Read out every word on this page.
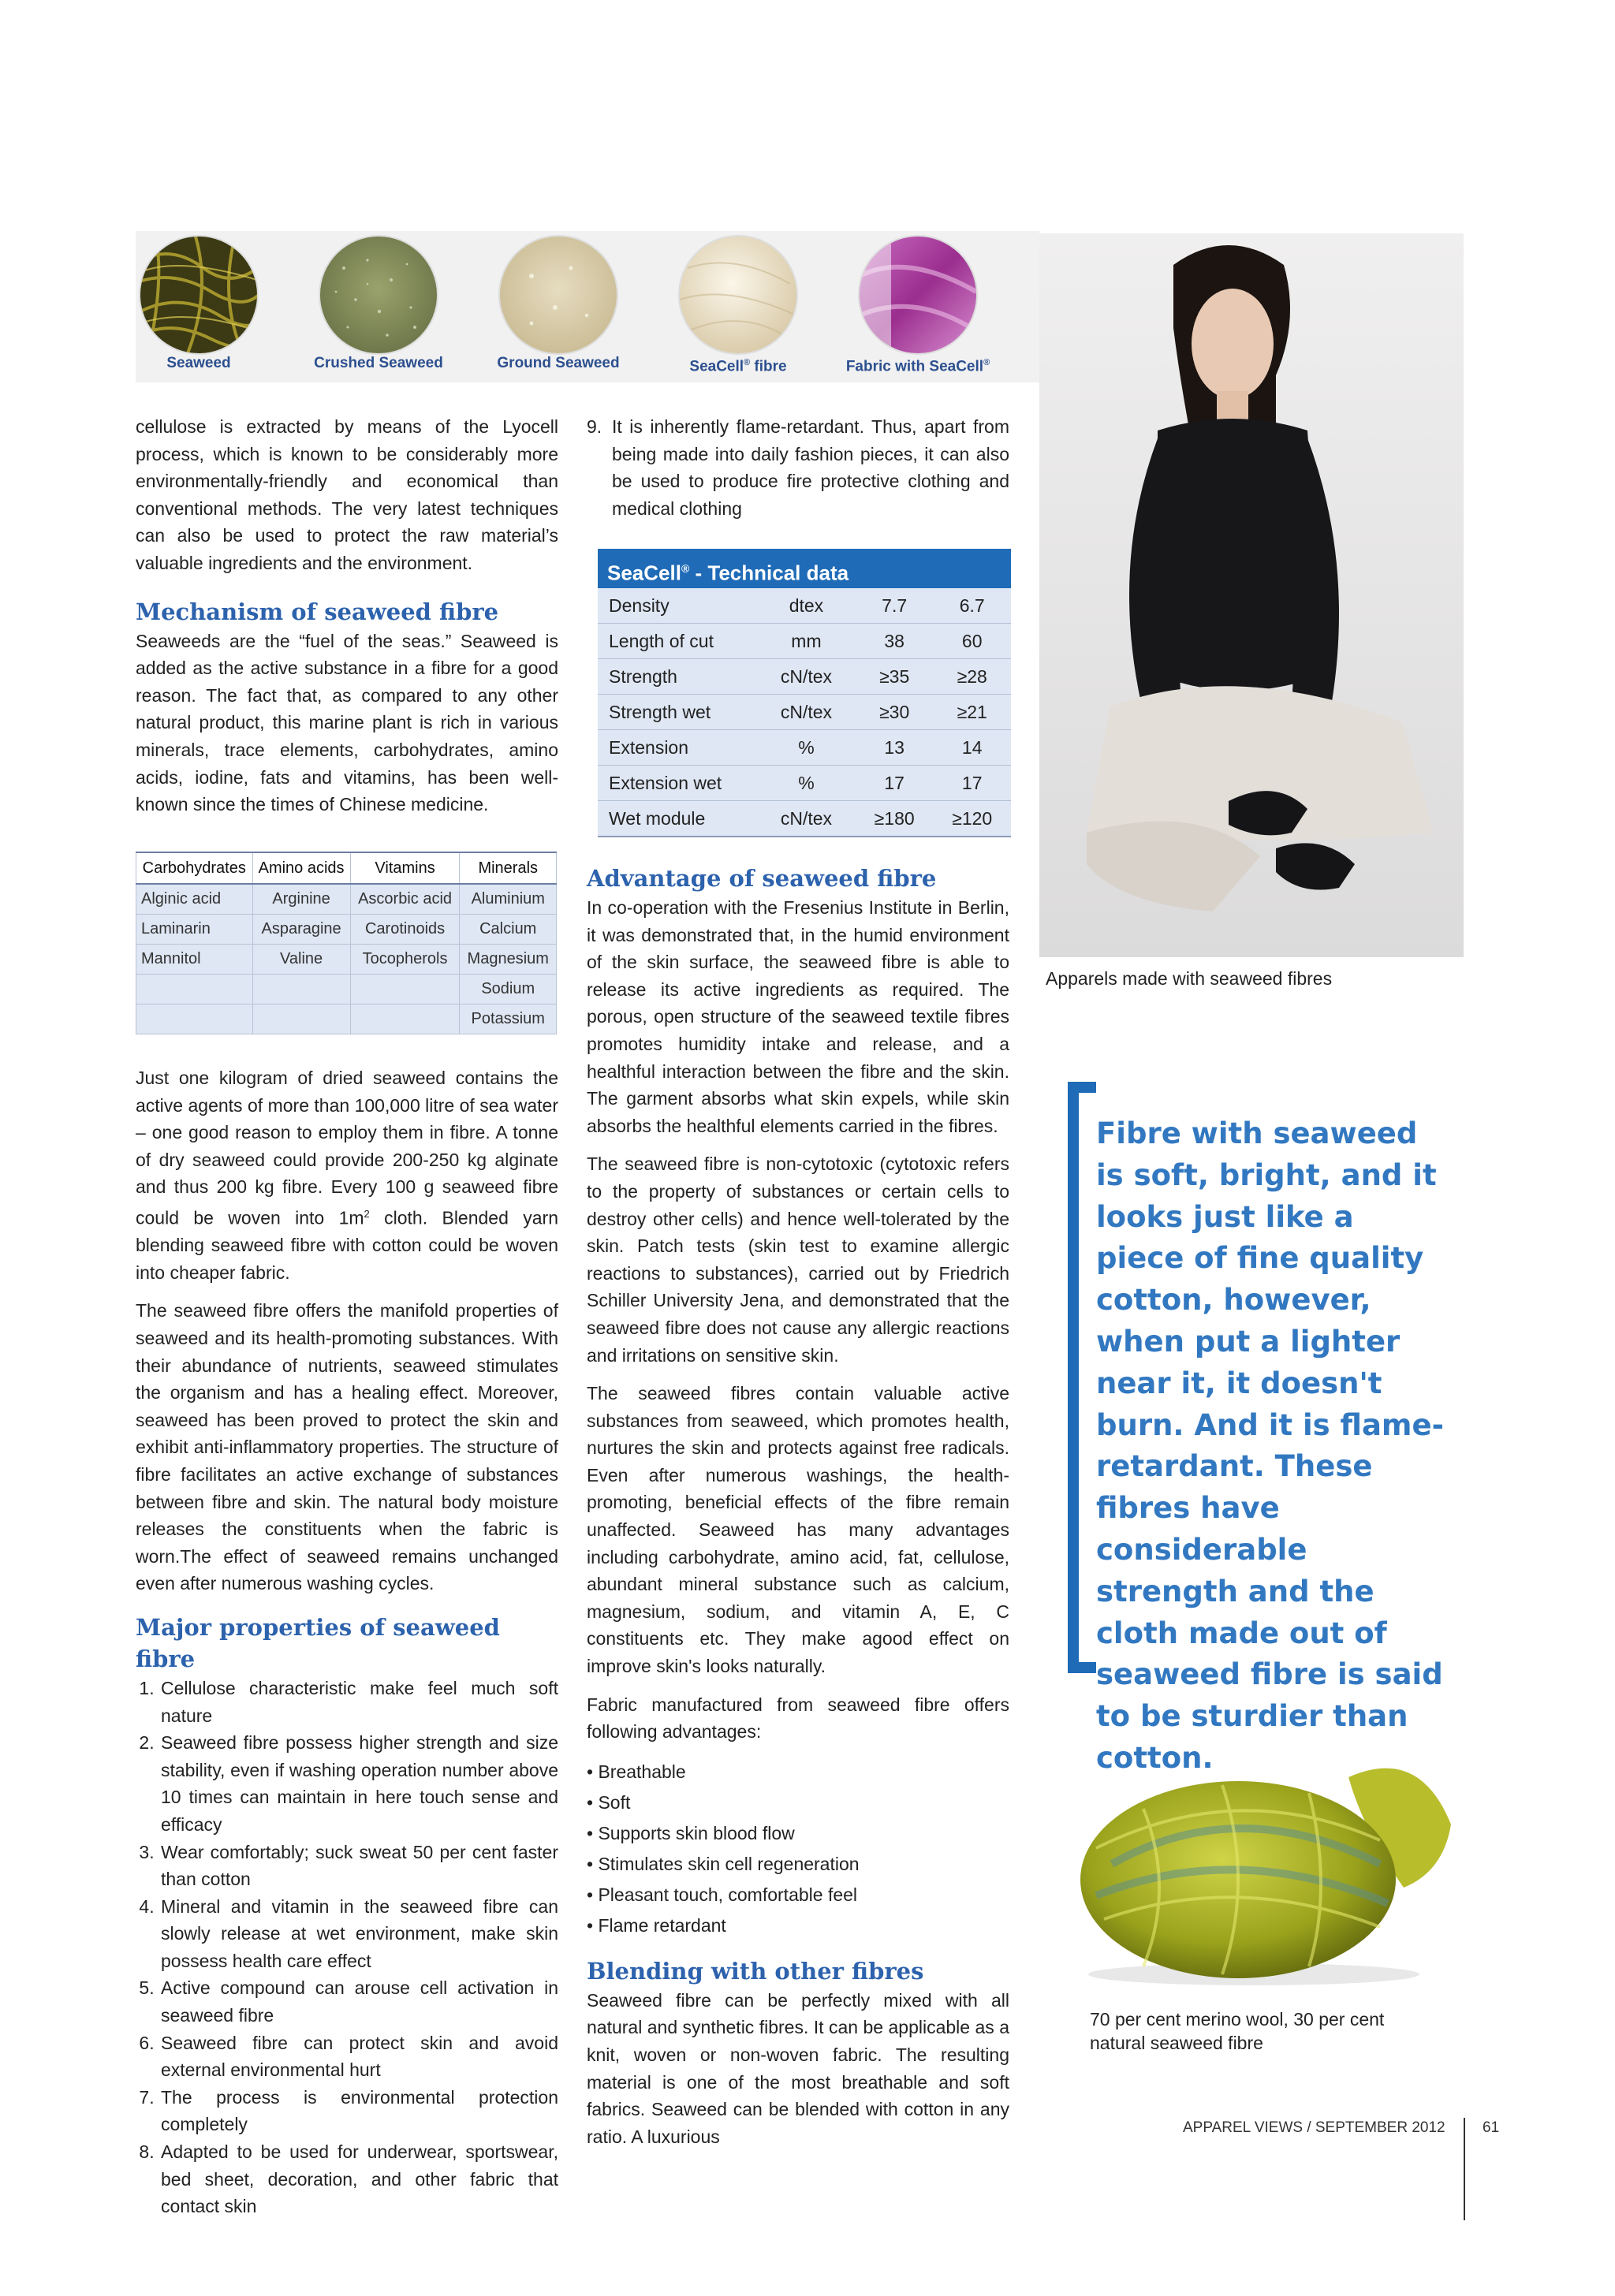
Seaweed	Crushed Seaweed	Ground Seaweed	SeaCell® fibre	Fabric with SeaCell®
Apparels made with seaweed fibres

cellulose is extracted by means of the Lyocell process, which is known to be considerably more environmentally-friendly and economical than conventional methods. The very latest techniques can also be used to protect the raw material’s valuable ingredients and the environment.

Mechanism of seaweed fibre

Seaweeds are the “fuel of the seas.” Seaweed is added as the active substance in a fibre for a good reason. The fact that, as compared to any other natural product, this marine plant is rich in various minerals, trace elements, carbohydrates, amino acids, iodine, fats and vitamins, has been well-known since the times of Chinese medicine.

Carbohydrates	Amino acids	Vitamins	Minerals
Alginic acid	Arginine	Ascorbic acid	Aluminium
Laminarin	Asparagine	Carotinoids	Calcium
Mannitol	Valine	Tocopherols	Magnesium
			Sodium
			Potassium

Just one kilogram of dried seaweed contains the active agents of more than 100,000 litre of sea water – one good reason to employ them in fibre. A tonne of dry seaweed could provide 200-250 kg alginate and thus 200 kg fibre. Every 100 g seaweed fibre could be woven into $1m^2$ cloth. Blended yarn blending seaweed fibre with cotton could be woven into cheaper fabric.

The seaweed fibre offers the manifold properties of seaweed and its health-promoting substances. With their abundance of nutrients, seaweed stimulates the organism and has a healing effect. Moreover, seaweed has been proved to protect the skin and exhibit anti-inflammatory properties. The structure of fibre facilitates an active exchange of substances between fibre and skin. The natural body moisture releases the constituents when the fabric is worn.The effect of seaweed remains unchanged even after numerous washing cycles.

Major properties of seaweed fibre
1. Cellulose characteristic make feel much soft nature
2. Seaweed fibre possess higher strength and size stability, even if washing operation number above 10 times can maintain in here touch sense and efficacy
3. Wear comfortably; suck sweat 50 per cent faster than cotton
4. Mineral and vitamin in the seaweed fibre can slowly release at wet environment, make skin possess health care effect
5. Active compound can arouse cell activation in seaweed fibre
6. Seaweed fibre can protect skin and avoid external environmental hurt
7. The process is environmental protection completely
8. Adapted to be used for underwear, sportswear, bed sheet, decoration, and other fabric that contact skin
9. It is inherently flame-retardant. Thus, apart from being made into daily fashion pieces, it can also be used to produce fire protective clothing and medical clothing
SeaCell® - Technical data
Density	dtex	7.7	6.7
Length of cut	mm	38	60
Strength	cN/tex	≥35	≥28
Strength wet	cN/tex	≥30	≥21
Extension	%	13	14
Extension wet	%	17	17
Wet module	cN/tex	≥180	≥120
Advantage of seaweed fibre

In co-operation with the Fresenius Institute in Berlin, it was demonstrated that, in the humid environment of the skin surface, the seaweed fibre is able to release its active ingredients as required. The porous, open structure of the seaweed textile fibres promotes humidity intake and release, and a healthful interaction between the fibre and the skin. The garment absorbs what skin expels, while skin absorbs the healthful elements carried in the fibres.

The seaweed fibre is non-cytotoxic (cytotoxic refers to the property of substances or certain cells to destroy other cells) and hence well-tolerated by the skin. Patch tests (skin test to examine allergic reactions to substances), carried out by Friedrich Schiller University Jena, and demonstrated that the seaweed fibre does not cause any allergic reactions and irritations on sensitive skin.

The seaweed fibres contain valuable active substances from seaweed, which promotes health, nurtures the skin and protects against free radicals. Even after numerous washings, the health-promoting, beneficial effects of the fibre remain unaffected. Seaweed has many advantages including carbohydrate, amino acid, fat, cellulose, abundant mineral substance such as calcium, magnesium, sodium, and vitamin A, E, C constituents etc. They make agood effect on improve skin's looks naturally.

Fabric manufactured from seaweed fibre offers following advantages:

• Breathable
• Soft
• Supports skin blood flow
• Stimulates skin cell regeneration
• Pleasant touch, comfortable feel
• Flame retardant
Blending with other fibres

Seaweed fibre can be perfectly mixed with all natural and synthetic fibres. It can be applicable as a knit, woven or non-woven fabric. The resulting material is one of the most breathable and soft fabrics. Seaweed can be blended with cotton in any ratio. A luxurious

Fibre with seaweed is soft, bright, and it looks just like a piece of fine quality cotton, however, when put a lighter near it, it doesn't burn. And it is flame-retardant. These fibres have considerable strength and the cloth made out of seaweed fibre is said to be sturdier than cotton.
70 per cent merino wool, 30 per cent natural seaweed fibre
APPAREL VIEWS / SEPTEMBER 2012 61
